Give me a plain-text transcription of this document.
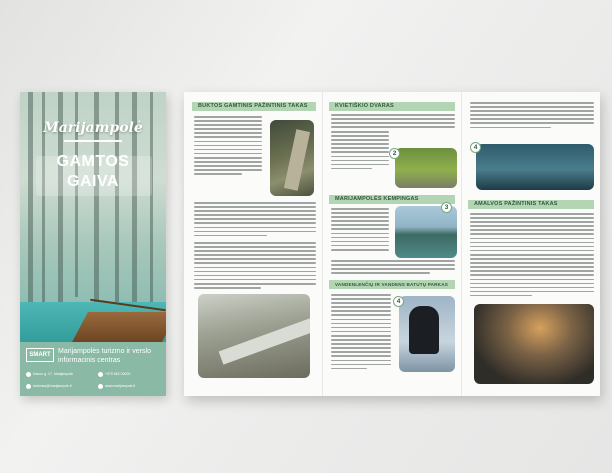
Marijampolė
GAMTOS
GAIVA
SMART	Marijampolės turizmo ir verslo informacinis centras
Kauno g. 17, Marijampolė	+370 682 00000
turizmas@marijampole.lt	www.marijampole.lt
BUKTOS GAMTINIS PAŽINTINIS TAKAS	KVIETIŠKIO DVARAS
2
MARIJAMPOLĖS KEMPINGAS
3
VANDENLENČIŲ IR VANDENS BATUTŲ PARKAS
4
4
AMALVOS PAŽINTINIS TAKAS
